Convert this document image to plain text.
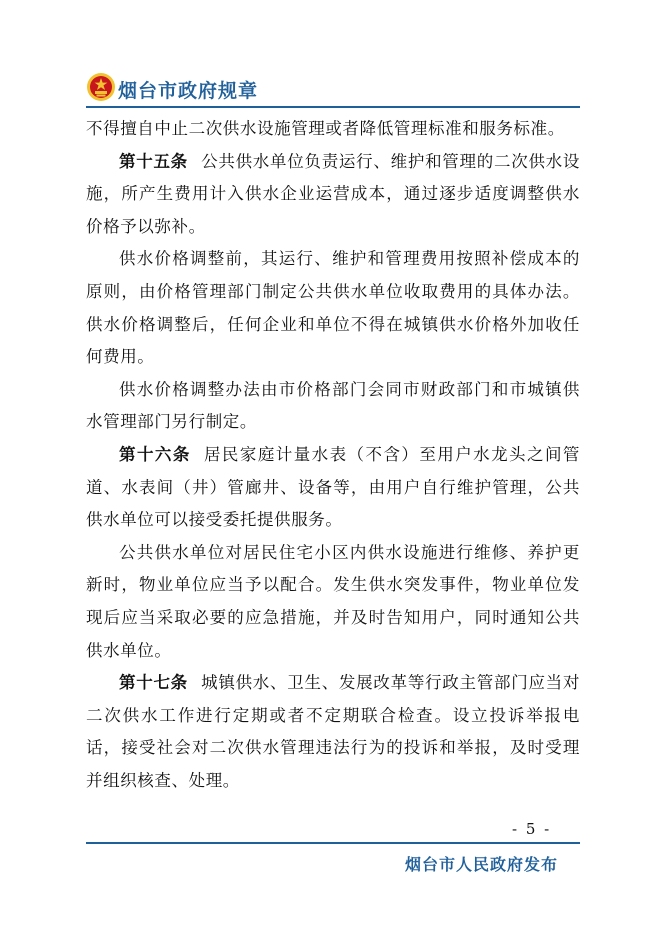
烟台市政府规章

不得擅自中止二次供水设施管理或者降低管理标准和服务标准。

第十五条 公共供水单位负责运行、维护和管理的二次供水设施，所产生费用计入供水企业运营成本，通过逐步适度调整供水价格予以弥补。

供水价格调整前，其运行、维护和管理费用按照补偿成本的原则，由价格管理部门制定公共供水单位收取费用的具体办法。供水价格调整后，任何企业和单位不得在城镇供水价格外加收任何费用。

供水价格调整办法由市价格部门会同市财政部门和市城镇供水管理部门另行制定。

第十六条 居民家庭计量水表（不含）至用户水龙头之间管道、水表间（井）管廊井、设备等，由用户自行维护管理，公共供水单位可以接受委托提供服务。

公共供水单位对居民住宅小区内供水设施进行维修、养护更新时，物业单位应当予以配合。发生供水突发事件，物业单位发现后应当采取必要的应急措施，并及时告知用户，同时通知公共供水单位。

第十七条 城镇供水、卫生、发展改革等行政主管部门应当对二次供水工作进行定期或者不定期联合检查。设立投诉举报电话，接受社会对二次供水管理违法行为的投诉和举报，及时受理并组织核查、处理。

- 5 -
烟台市人民政府发布
